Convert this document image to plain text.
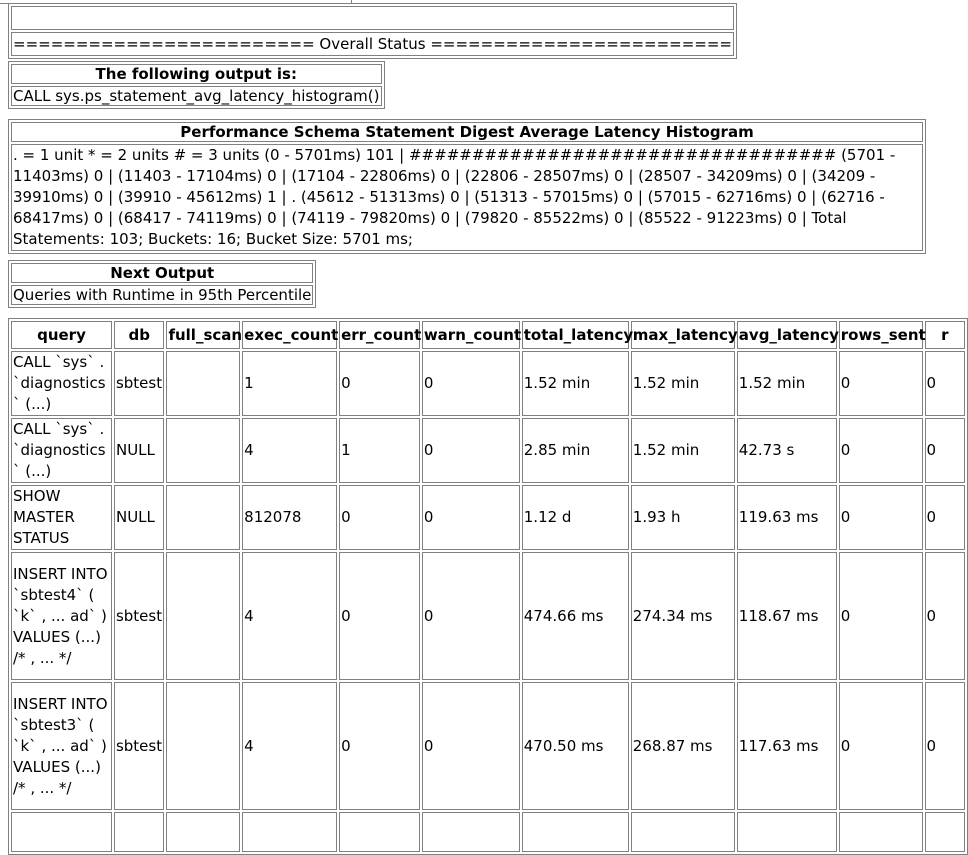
======================== Overall Status ========================
The following output is:
CALL sys.ps_statement_avg_latency_histogram()
Performance Schema Statement Digest Average Latency Histogram
. = 1 unit * = 2 units # = 3 units (0 - 5701ms) 101 | ################################## (5701 - 11403ms) 0 | (11403 - 17104ms) 0 | (17104 - 22806ms) 0 | (22806 - 28507ms) 0 | (28507 - 34209ms) 0 | (34209 - 39910ms) 0 | (39910 - 45612ms) 1 | . (45612 - 51313ms) 0 | (51313 - 57015ms) 0 | (57015 - 62716ms) 0 | (62716 - 68417ms) 0 | (68417 - 74119ms) 0 | (74119 - 79820ms) 0 | (79820 - 85522ms) 0 | (85522 - 91223ms) 0 | Total Statements: 103; Buckets: 16; Bucket Size: 5701 ms;
Next Output
Queries with Runtime in 95th Percentile
query	db	full_scan	exec_count	err_count	warn_count	total_latency	max_latency	avg_latency	rows_sent	r
CALL `sys` . `diagnostics` (...)	sbtest		1	0	0	1.52 min	1.52 min	1.52 min	0	0
CALL `sys` . `diagnostics` (...)	NULL		4	1	0	2.85 min	1.52 min	42.73 s	0	0
SHOW MASTER STATUS	NULL		812078	0	0	1.12 d	1.93 h	119.63 ms	0	0
INSERT INTO `sbtest4` ( `k` , ... ad` ) VALUES (...) /* , ... */	sbtest		4	0	0	474.66 ms	274.34 ms	118.67 ms	0	0
INSERT INTO `sbtest3` ( `k` , ... ad` ) VALUES (...) /* , ... */	sbtest		4	0	0	470.50 ms	268.87 ms	117.63 ms	0	0
